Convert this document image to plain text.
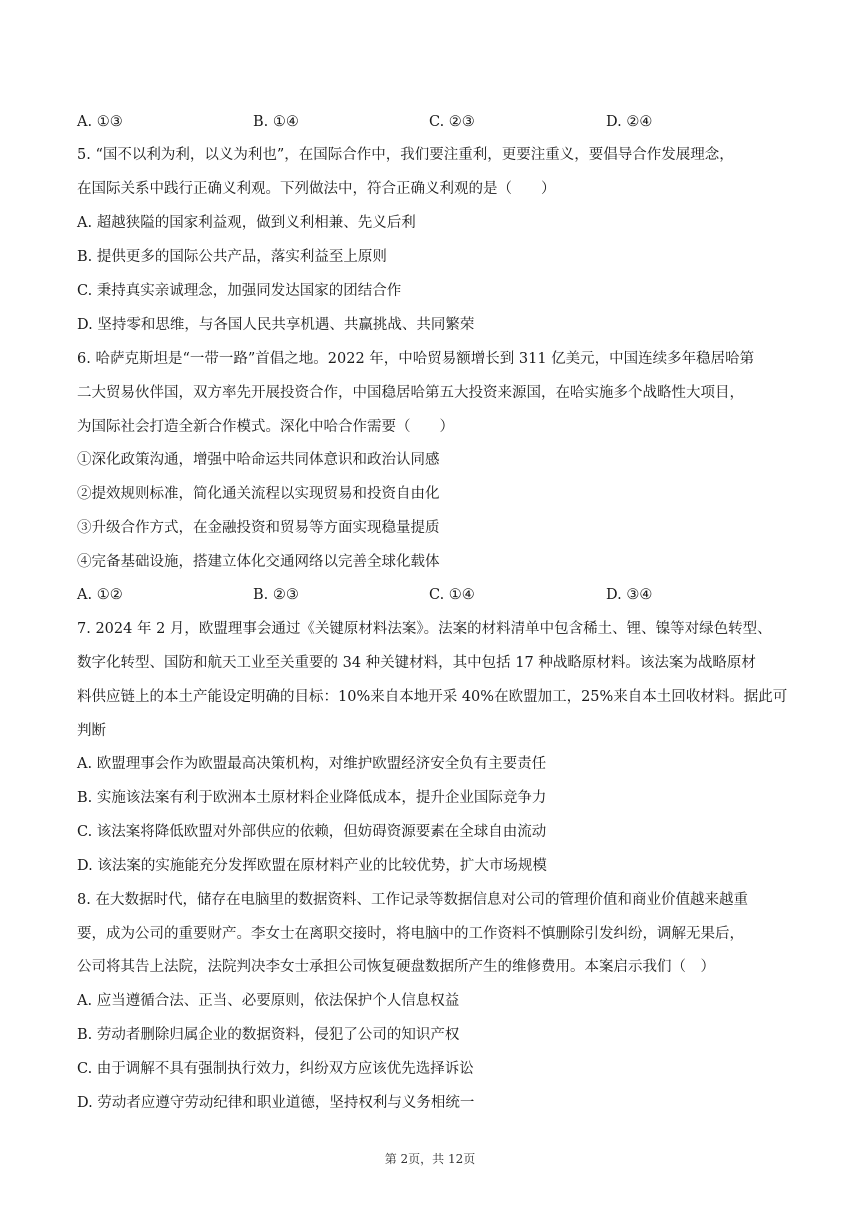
A. ①③	B. ①④	C. ②③	D. ②④
5. “国不以利为利，以义为利也”，在国际合作中，我们要注重利，更要注重义，要倡导合作发展理念，
在国际关系中践行正确义利观。下列做法中，符合正确义利观的是（　　）
A. 超越狭隘的国家利益观，做到义利相兼、先义后利
B. 提供更多的国际公共产品，落实利益至上原则
C. 秉持真实亲诚理念，加强同发达国家的团结合作
D. 坚持零和思维，与各国人民共享机遇、共赢挑战、共同繁荣
6. 哈萨克斯坦是“一带一路”首倡之地。2022 年，中哈贸易额增长到 311 亿美元，中国连续多年稳居哈第
二大贸易伙伴国，双方率先开展投资合作，中国稳居哈第五大投资来源国，在哈实施多个战略性大项目，
为国际社会打造全新合作模式。深化中哈合作需要（　　）
①深化政策沟通，增强中哈命运共同体意识和政治认同感
②提效规则标准，简化通关流程以实现贸易和投资自由化
③升级合作方式，在金融投资和贸易等方面实现稳量提质
④完备基础设施，搭建立体化交通网络以完善全球化载体
A. ①②	B. ②③	C. ①④	D. ③④
7. 2024 年 2 月，欧盟理事会通过《关键原材料法案》。法案的材料清单中包含稀土、锂、镍等对绿色转型、
数字化转型、国防和航天工业至关重要的 34 种关键材料，其中包括 17 种战略原材料。该法案为战略原材
料供应链上的本土产能设定明确的目标：10%来自本地开采 40%在欧盟加工，25%来自本土回收材料。据此可
判断
A. 欧盟理事会作为欧盟最高决策机构，对维护欧盟经济安全负有主要责任
B. 实施该法案有利于欧洲本土原材料企业降低成本，提升企业国际竞争力
C. 该法案将降低欧盟对外部供应的依赖，但妨碍资源要素在全球自由流动
D. 该法案的实施能充分发挥欧盟在原材料产业的比较优势，扩大市场规模
8. 在大数据时代，储存在电脑里的数据资料、工作记录等数据信息对公司的管理价值和商业价值越来越重
要，成为公司的重要财产。李女士在离职交接时，将电脑中的工作资料不慎删除引发纠纷，调解无果后，
公司将其告上法院，法院判决李女士承担公司恢复硬盘数据所产生的维修费用。本案启示我们（　）
A. 应当遵循合法、正当、必要原则，依法保护个人信息权益
B. 劳动者删除归属企业的数据资料，侵犯了公司的知识产权
C. 由于调解不具有强制执行效力，纠纷双方应该优先选择诉讼
D. 劳动者应遵守劳动纪律和职业道德，坚持权利与义务相统一
第 2页，共 12页
